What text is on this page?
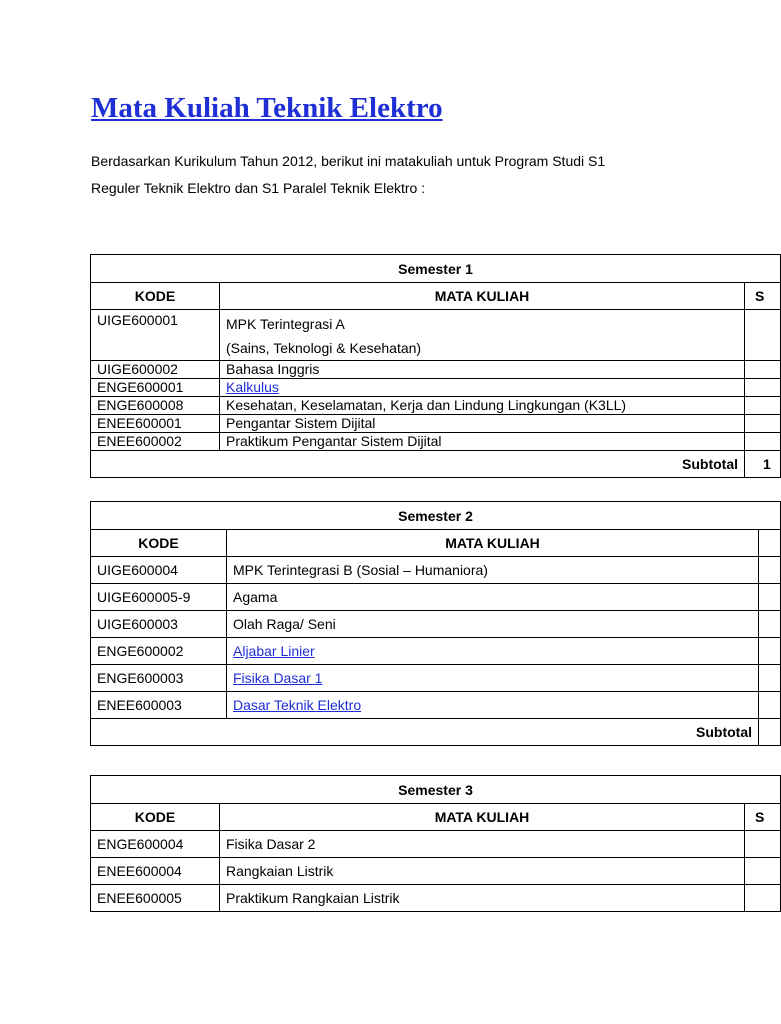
Mata Kuliah Teknik Elektro
Berdasarkan Kurikulum Tahun 2012, berikut ini matakuliah untuk Program Studi S1
Reguler Teknik Elektro dan S1 Paralel Teknik Elektro :
Semester 1		
KODE	MATA KULIAH	S
UIGE600001	MPK Terintegrasi A
(Sains, Teknologi & Kesehatan)	

UIGE600002	Bahasa Inggris	
ENGE600001	Kalkulus	
ENGE600008	Kesehatan, Keselamatan, Kerja dan Lindung Lingkungan (K3LL)	
ENEE600001	Pengantar Sistem Dijital	
ENEE600002	Praktikum Pengantar Sistem Dijital	
Subtotal		1
Semester 2		
KODE	MATA KULIAH	
UIGE600004	MPK Terintegrasi B (Sosial – Humaniora)	
UIGE600005-9	Agama	
UIGE600003	Olah Raga/ Seni	
ENGE600002	Aljabar Linier	
ENGE600003	Fisika Dasar 1	
ENEE600003	Dasar Teknik Elektro	
Subtotal		
Semester 3		
KODE	MATA KULIAH	S
ENGE600004	Fisika Dasar 2	
ENEE600004	Rangkaian Listrik	
ENEE600005	Praktikum Rangkaian Listrik	
